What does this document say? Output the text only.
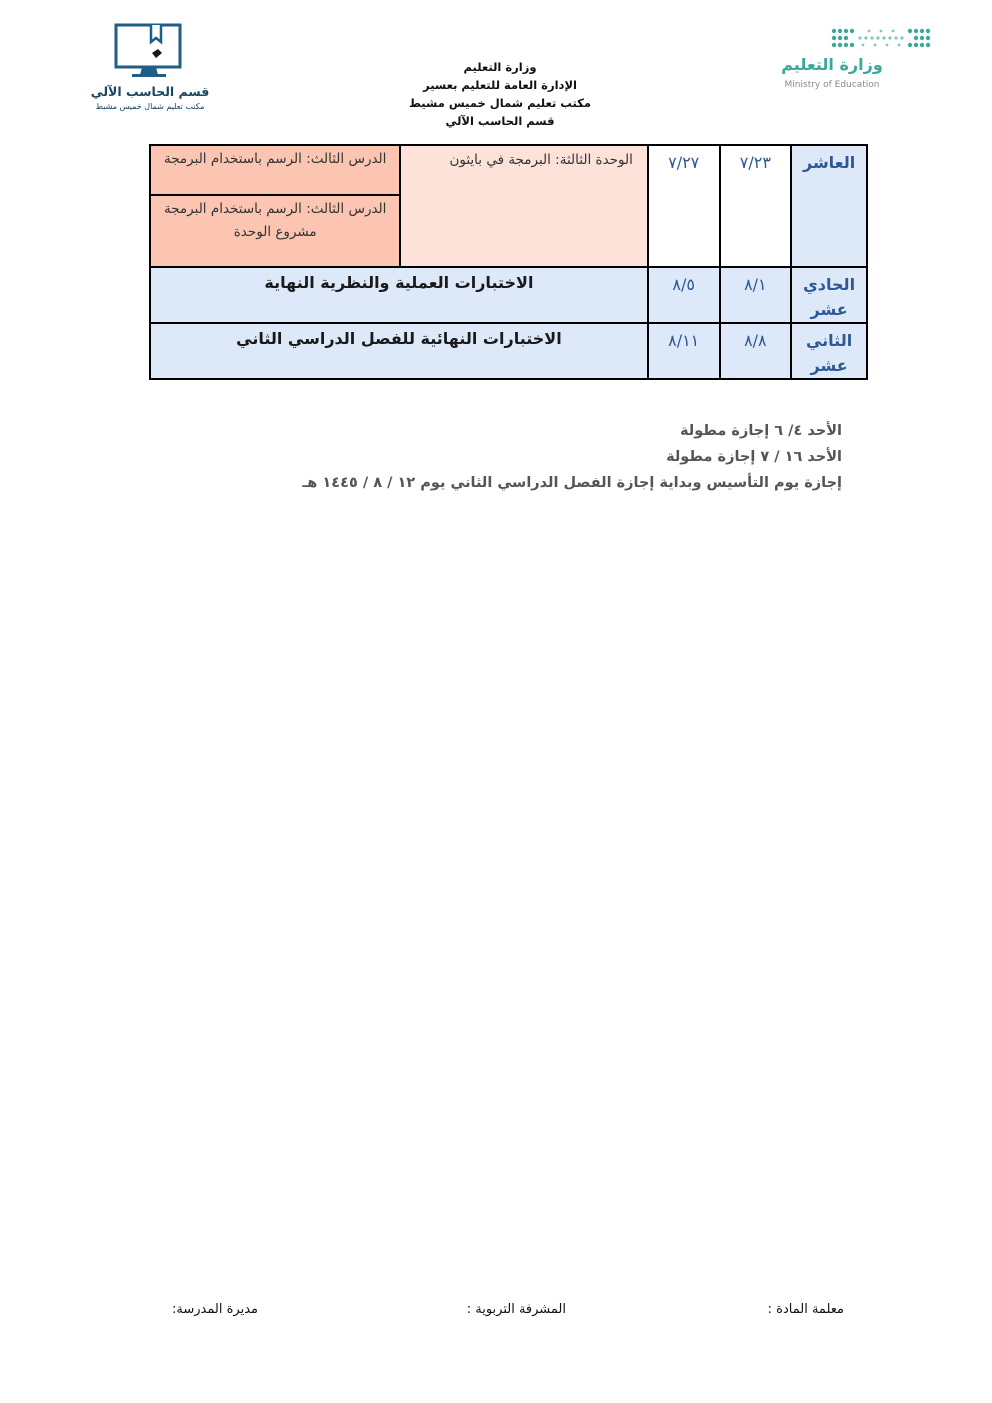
وزارة التعليم
Ministry of Education
قسم الحاسب الآلي
مكتب تعليم شمال خميس مشيط
وزارة التعليم
الإدارة العامة للتعليم بعسير
مكتب تعليم شمال خميس مشيط
قسم الحاسب الآلي
العاشر	٧/٢٣	٧/٢٧	الوحدة الثالثة: البرمجة في بايثون	الدرس الثالث: الرسم باستخدام البرمجة

				الدرس الثالث: الرسم باستخدام البرمجة
مشروع الوحدة

الحادي عشر	٨/١	٨/٥	الاختبارات العملية والنظرية النهاية	
الثاني عشر	٨/٨	٨/١١	الاختبارات النهائية للفصل الدراسي الثاني	
الأحد ٤/ ٦ إجازة مطولة
الأحد ١٦ / ٧ إجازة مطولة
إجازة يوم التأسيس وبداية إجازة الفصل الدراسي الثاني يوم ١٢ / ٨ / ١٤٤٥ هـ
معلمة المادة :
المشرفة التربوية :
مديرة المدرسة:
